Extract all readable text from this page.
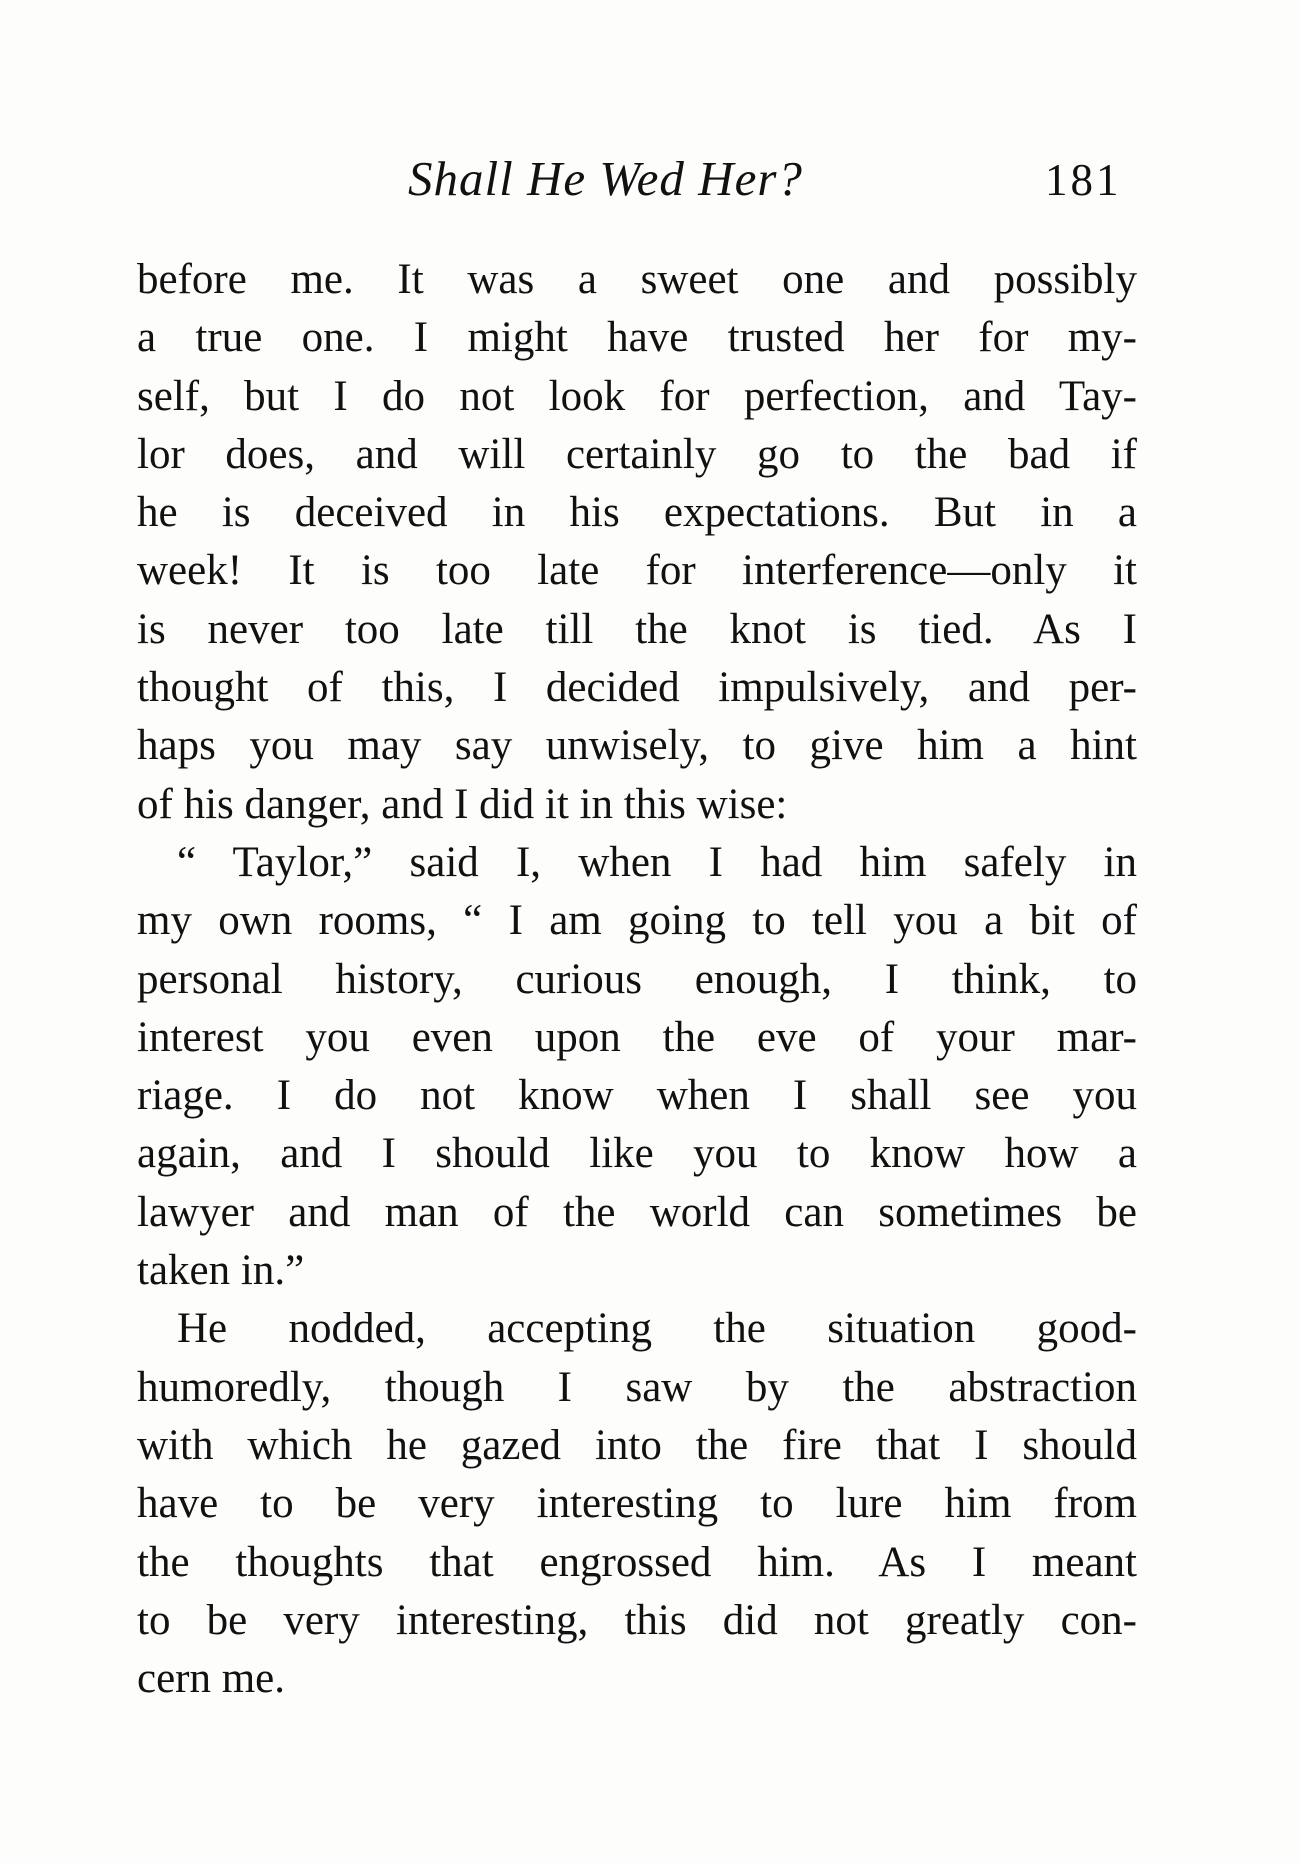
Shall He Wed Her?	181
before me. It was a sweet one and possibly
a true one. I might have trusted her for my-
self, but I do not look for perfection, and Tay-
lor does, and will certainly go to the bad if
he is deceived in his expectations. But in a
week! It is too late for interference—only it
is never too late till the knot is tied. As I
thought of this, I decided impulsively, and per-
haps you may say unwisely, to give him a hint
of his danger, and I did it in this wise:
“ Taylor,” said I, when I had him safely in
my own rooms, “ I am going to tell you a bit of
personal history, curious enough, I think, to
interest you even upon the eve of your mar-
riage. I do not know when I shall see you
again, and I should like you to know how a
lawyer and man of the world can sometimes be
taken in.”
He nodded, accepting the situation good-
humoredly, though I saw by the abstraction
with which he gazed into the fire that I should
have to be very interesting to lure him from
the thoughts that engrossed him. As I meant
to be very interesting, this did not greatly con-
cern me.
